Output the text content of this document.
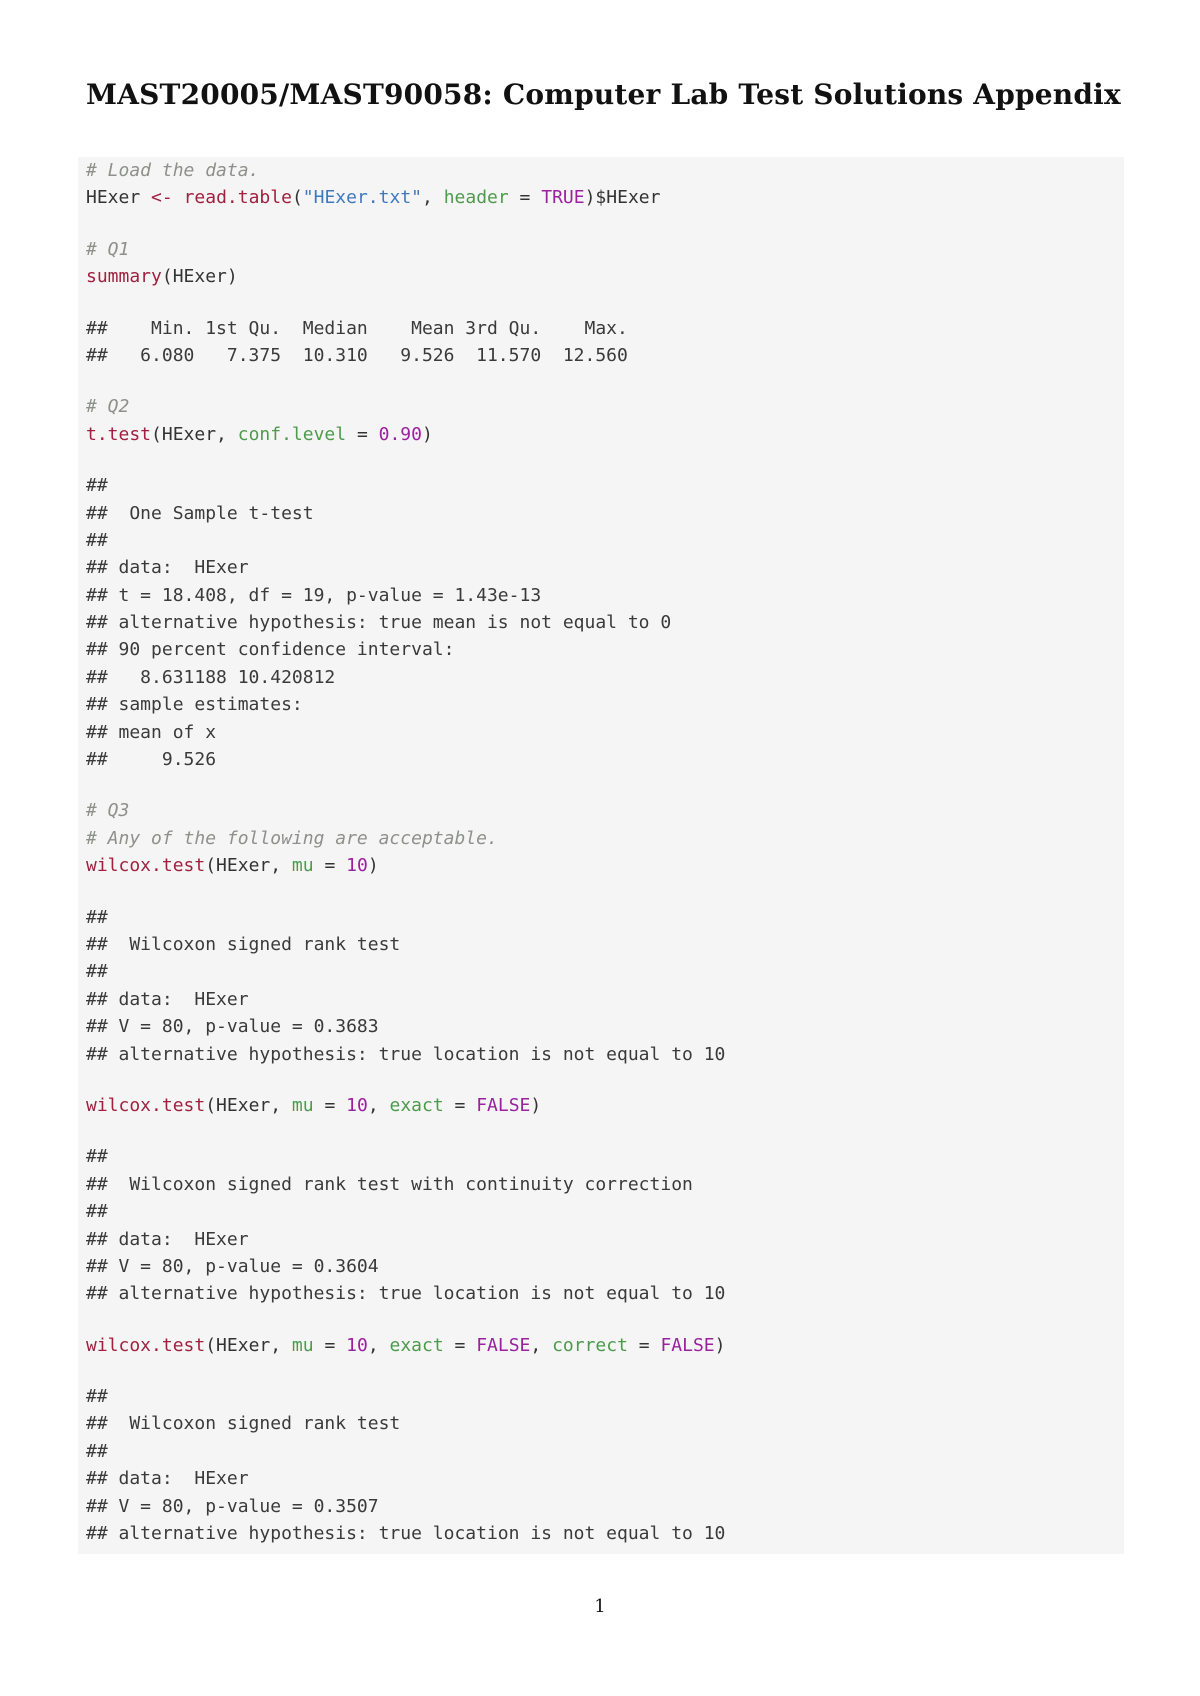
MAST20005/MAST90058: Computer Lab Test Solutions Appendix
# Load the data.
HExer <- read.table("HExer.txt", header = TRUE)$HExer
# Q1
summary(HExer)
##    Min. 1st Qu.  Median    Mean 3rd Qu.    Max.
##   6.080   7.375  10.310   9.526  11.570  12.560
# Q2
t.test(HExer, conf.level = 0.90)
##
##  One Sample t-test
##
## data:  HExer
## t = 18.408, df = 19, p-value = 1.43e-13
## alternative hypothesis: true mean is not equal to 0
## 90 percent confidence interval:
##   8.631188 10.420812
## sample estimates:
## mean of x
##     9.526
# Q3
# Any of the following are acceptable.
wilcox.test(HExer, mu = 10)
##
##  Wilcoxon signed rank test
##
## data:  HExer
## V = 80, p-value = 0.3683
## alternative hypothesis: true location is not equal to 10
wilcox.test(HExer, mu = 10, exact = FALSE)
##
##  Wilcoxon signed rank test with continuity correction
##
## data:  HExer
## V = 80, p-value = 0.3604
## alternative hypothesis: true location is not equal to 10
wilcox.test(HExer, mu = 10, exact = FALSE, correct = FALSE)
##
##  Wilcoxon signed rank test
##
## data:  HExer
## V = 80, p-value = 0.3507
## alternative hypothesis: true location is not equal to 10
1
